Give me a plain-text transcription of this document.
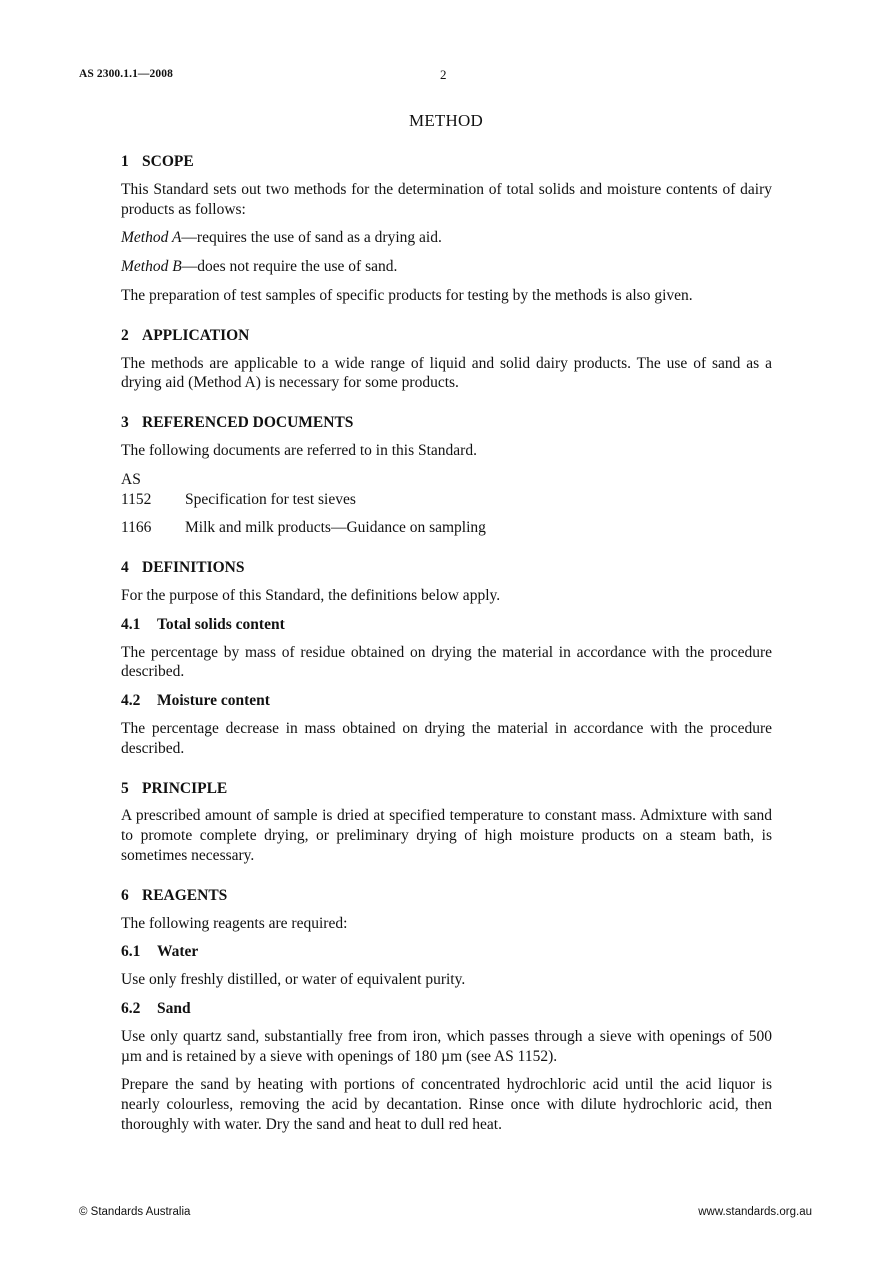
AS 2300.1.1—2008	2
METHOD
1 SCOPE

This Standard sets out two methods for the determination of total solids and moisture contents of dairy products as follows:

Method A—requires the use of sand as a drying aid.

Method B—does not require the use of sand.

The preparation of test samples of specific products for testing by the methods is also given.

2 APPLICATION

The methods are applicable to a wide range of liquid and solid dairy products. The use of sand as a drying aid (Method A) is necessary for some products.

3 REFERENCED DOCUMENTS

The following documents are referred to in this Standard.

AS
1152	Specification for test sieves
1166	Milk and milk products—Guidance on sampling
4 DEFINITIONS

For the purpose of this Standard, the definitions below apply.

4.1 Total solids content

The percentage by mass of residue obtained on drying the material in accordance with the procedure described.

4.2 Moisture content

The percentage decrease in mass obtained on drying the material in accordance with the procedure described.

5 PRINCIPLE

A prescribed amount of sample is dried at specified temperature to constant mass. Admixture with sand to promote complete drying, or preliminary drying of high moisture products on a steam bath, is sometimes necessary.

6 REAGENTS

The following reagents are required:

6.1 Water

Use only freshly distilled, or water of equivalent purity.

6.2 Sand

Use only quartz sand, substantially free from iron, which passes through a sieve with openings of 500 µm and is retained by a sieve with openings of 180 µm (see AS 1152).

Prepare the sand by heating with portions of concentrated hydrochloric acid until the acid liquor is nearly colourless, removing the acid by decantation. Rinse once with dilute hydrochloric acid, then thoroughly with water. Dry the sand and heat to dull red heat.

© Standards Australia	www.standards.org.au
